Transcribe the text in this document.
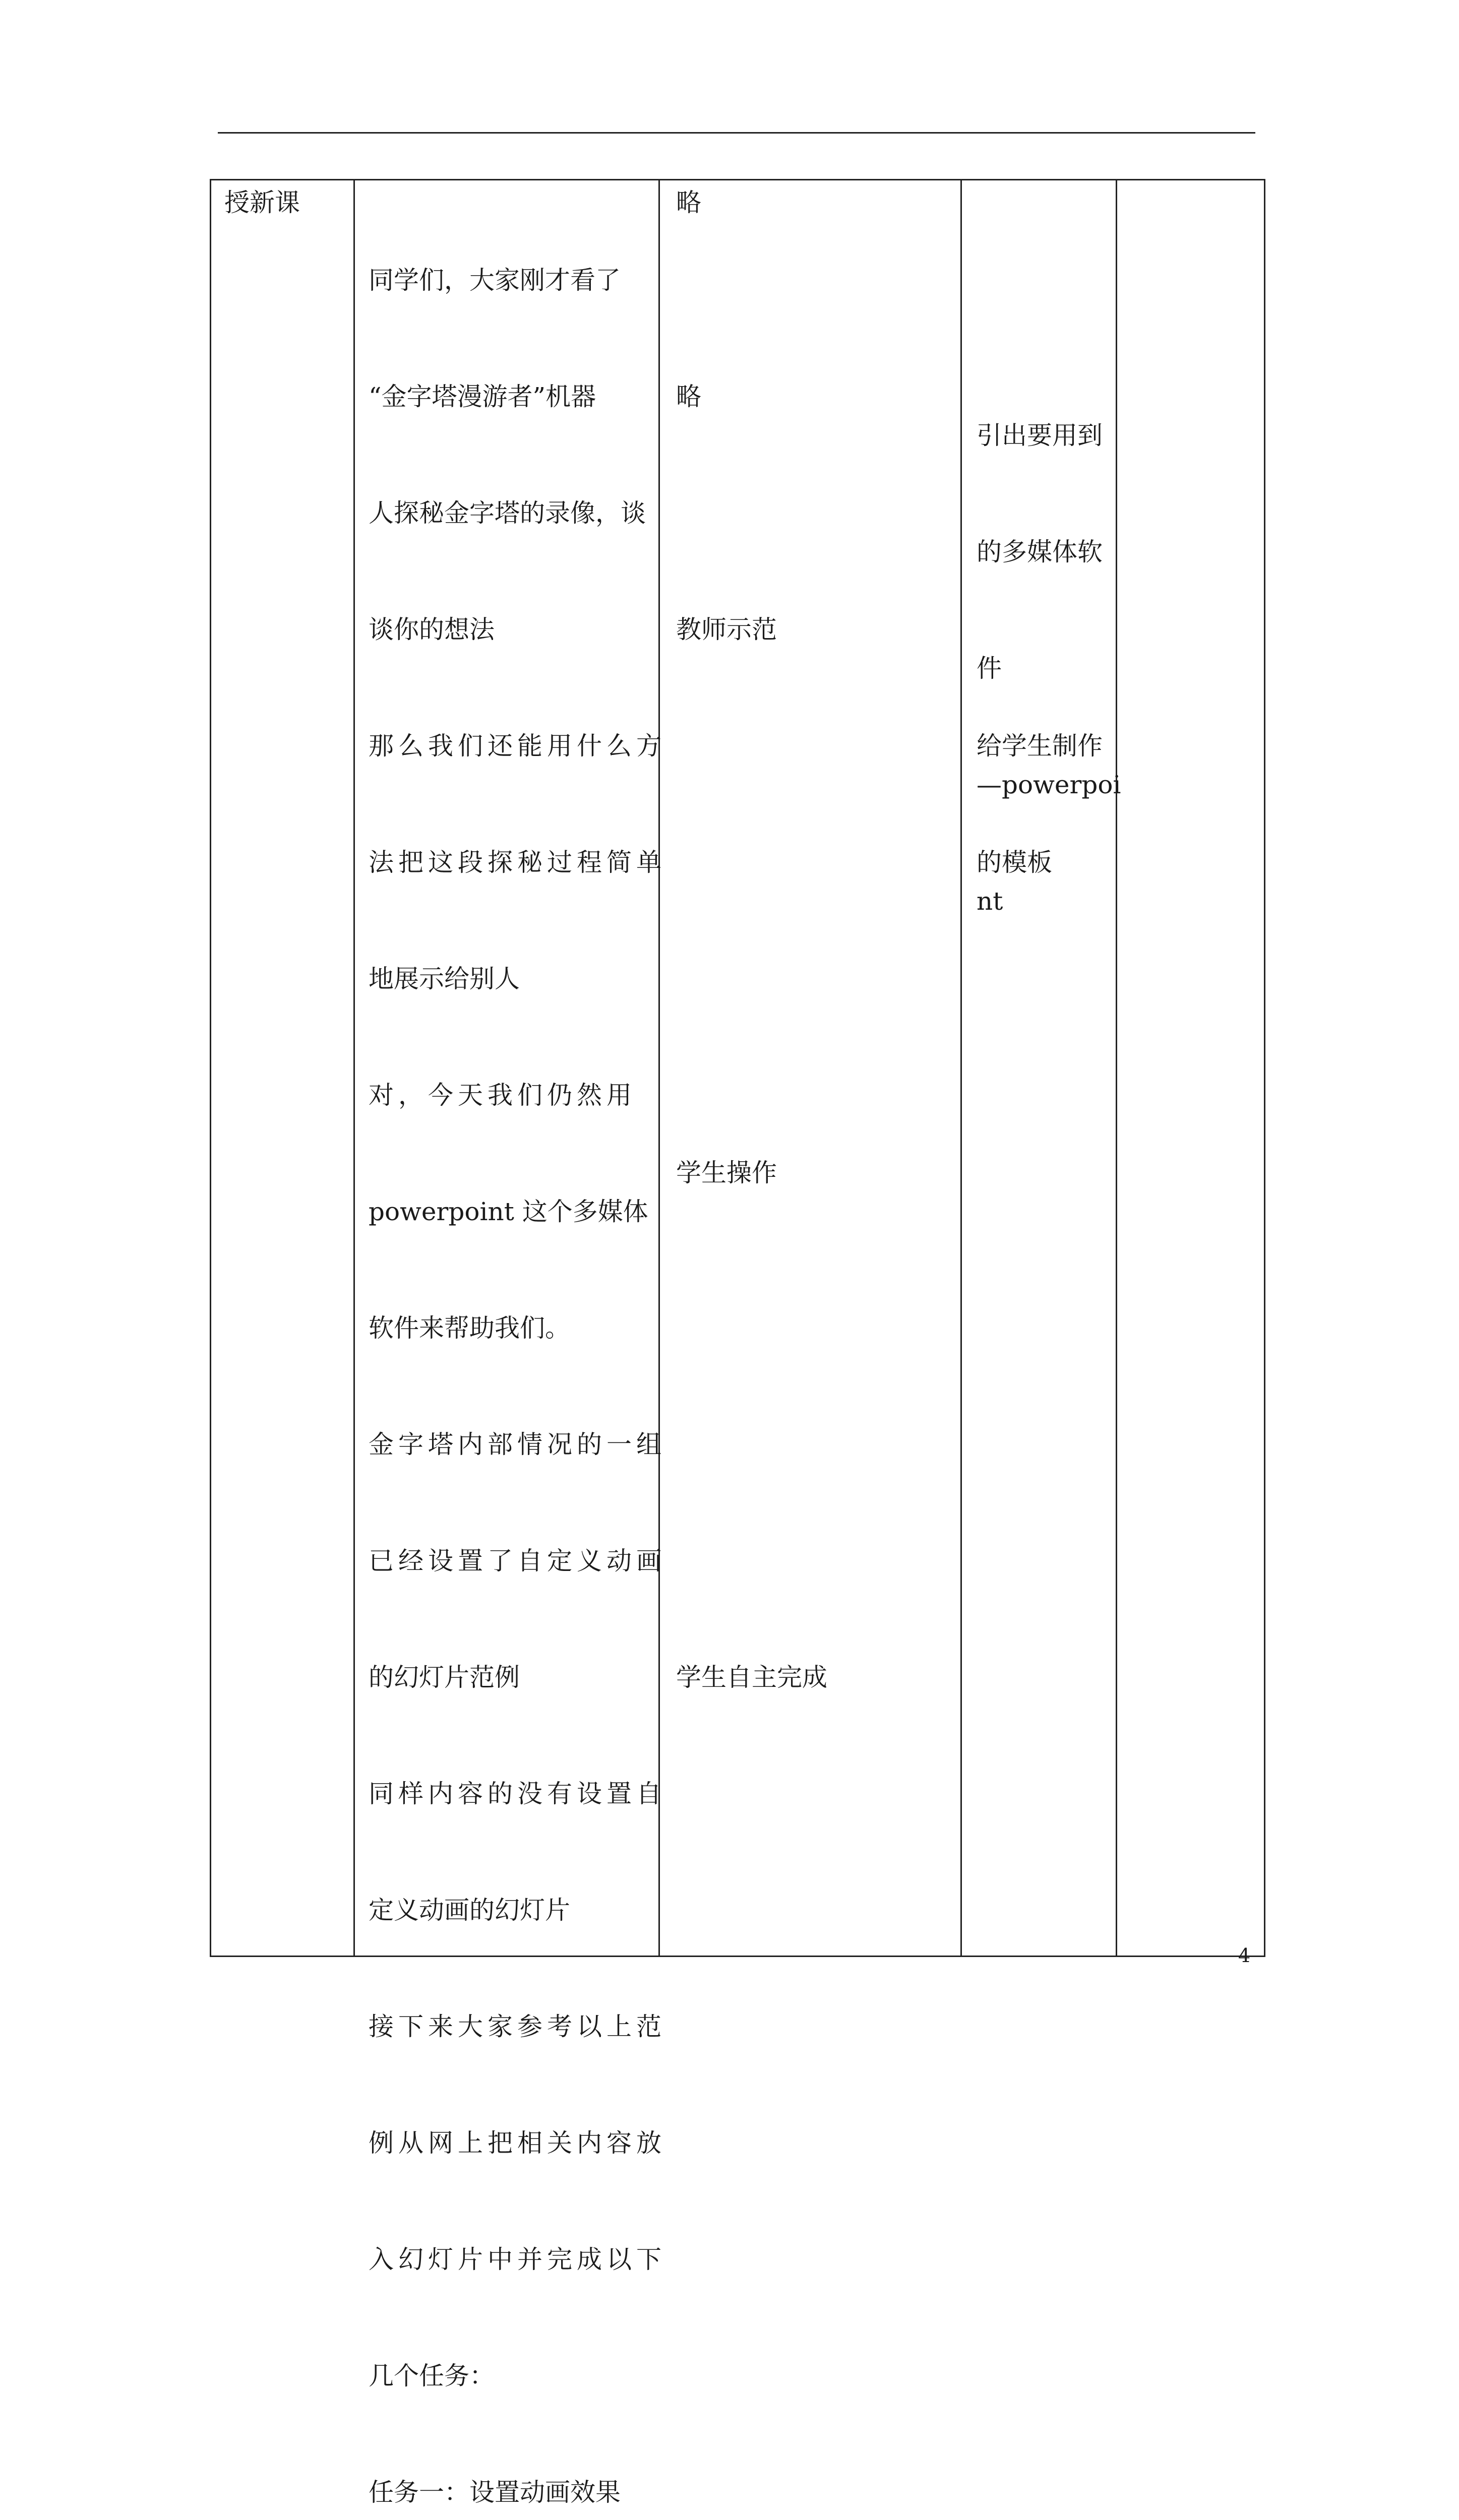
授新课

同学们，大家刚才看了

“金字塔漫游者”机器

人探秘金字塔的录像，谈

谈你的想法

那么我们还能用什么方

法把这段探秘过程简单

地展示给别人

对，今天我们仍然用

powerpoint 这个多媒体

软件来帮助我们。

金字塔内部情况的一组

已经设置了自定义动画

的幻灯片范例

同样内容的没有设置自

定义动画的幻灯片

接下来大家参考以上范

例从网上把相关内容放

入幻灯片中并完成以下

几个任务：

任务一：设置动画效果

略
略
教师示范
学生操作
学生自主完成

引出要用到

的多媒体软

件

—powerpoi

nt

给学生制作

的模板

4
